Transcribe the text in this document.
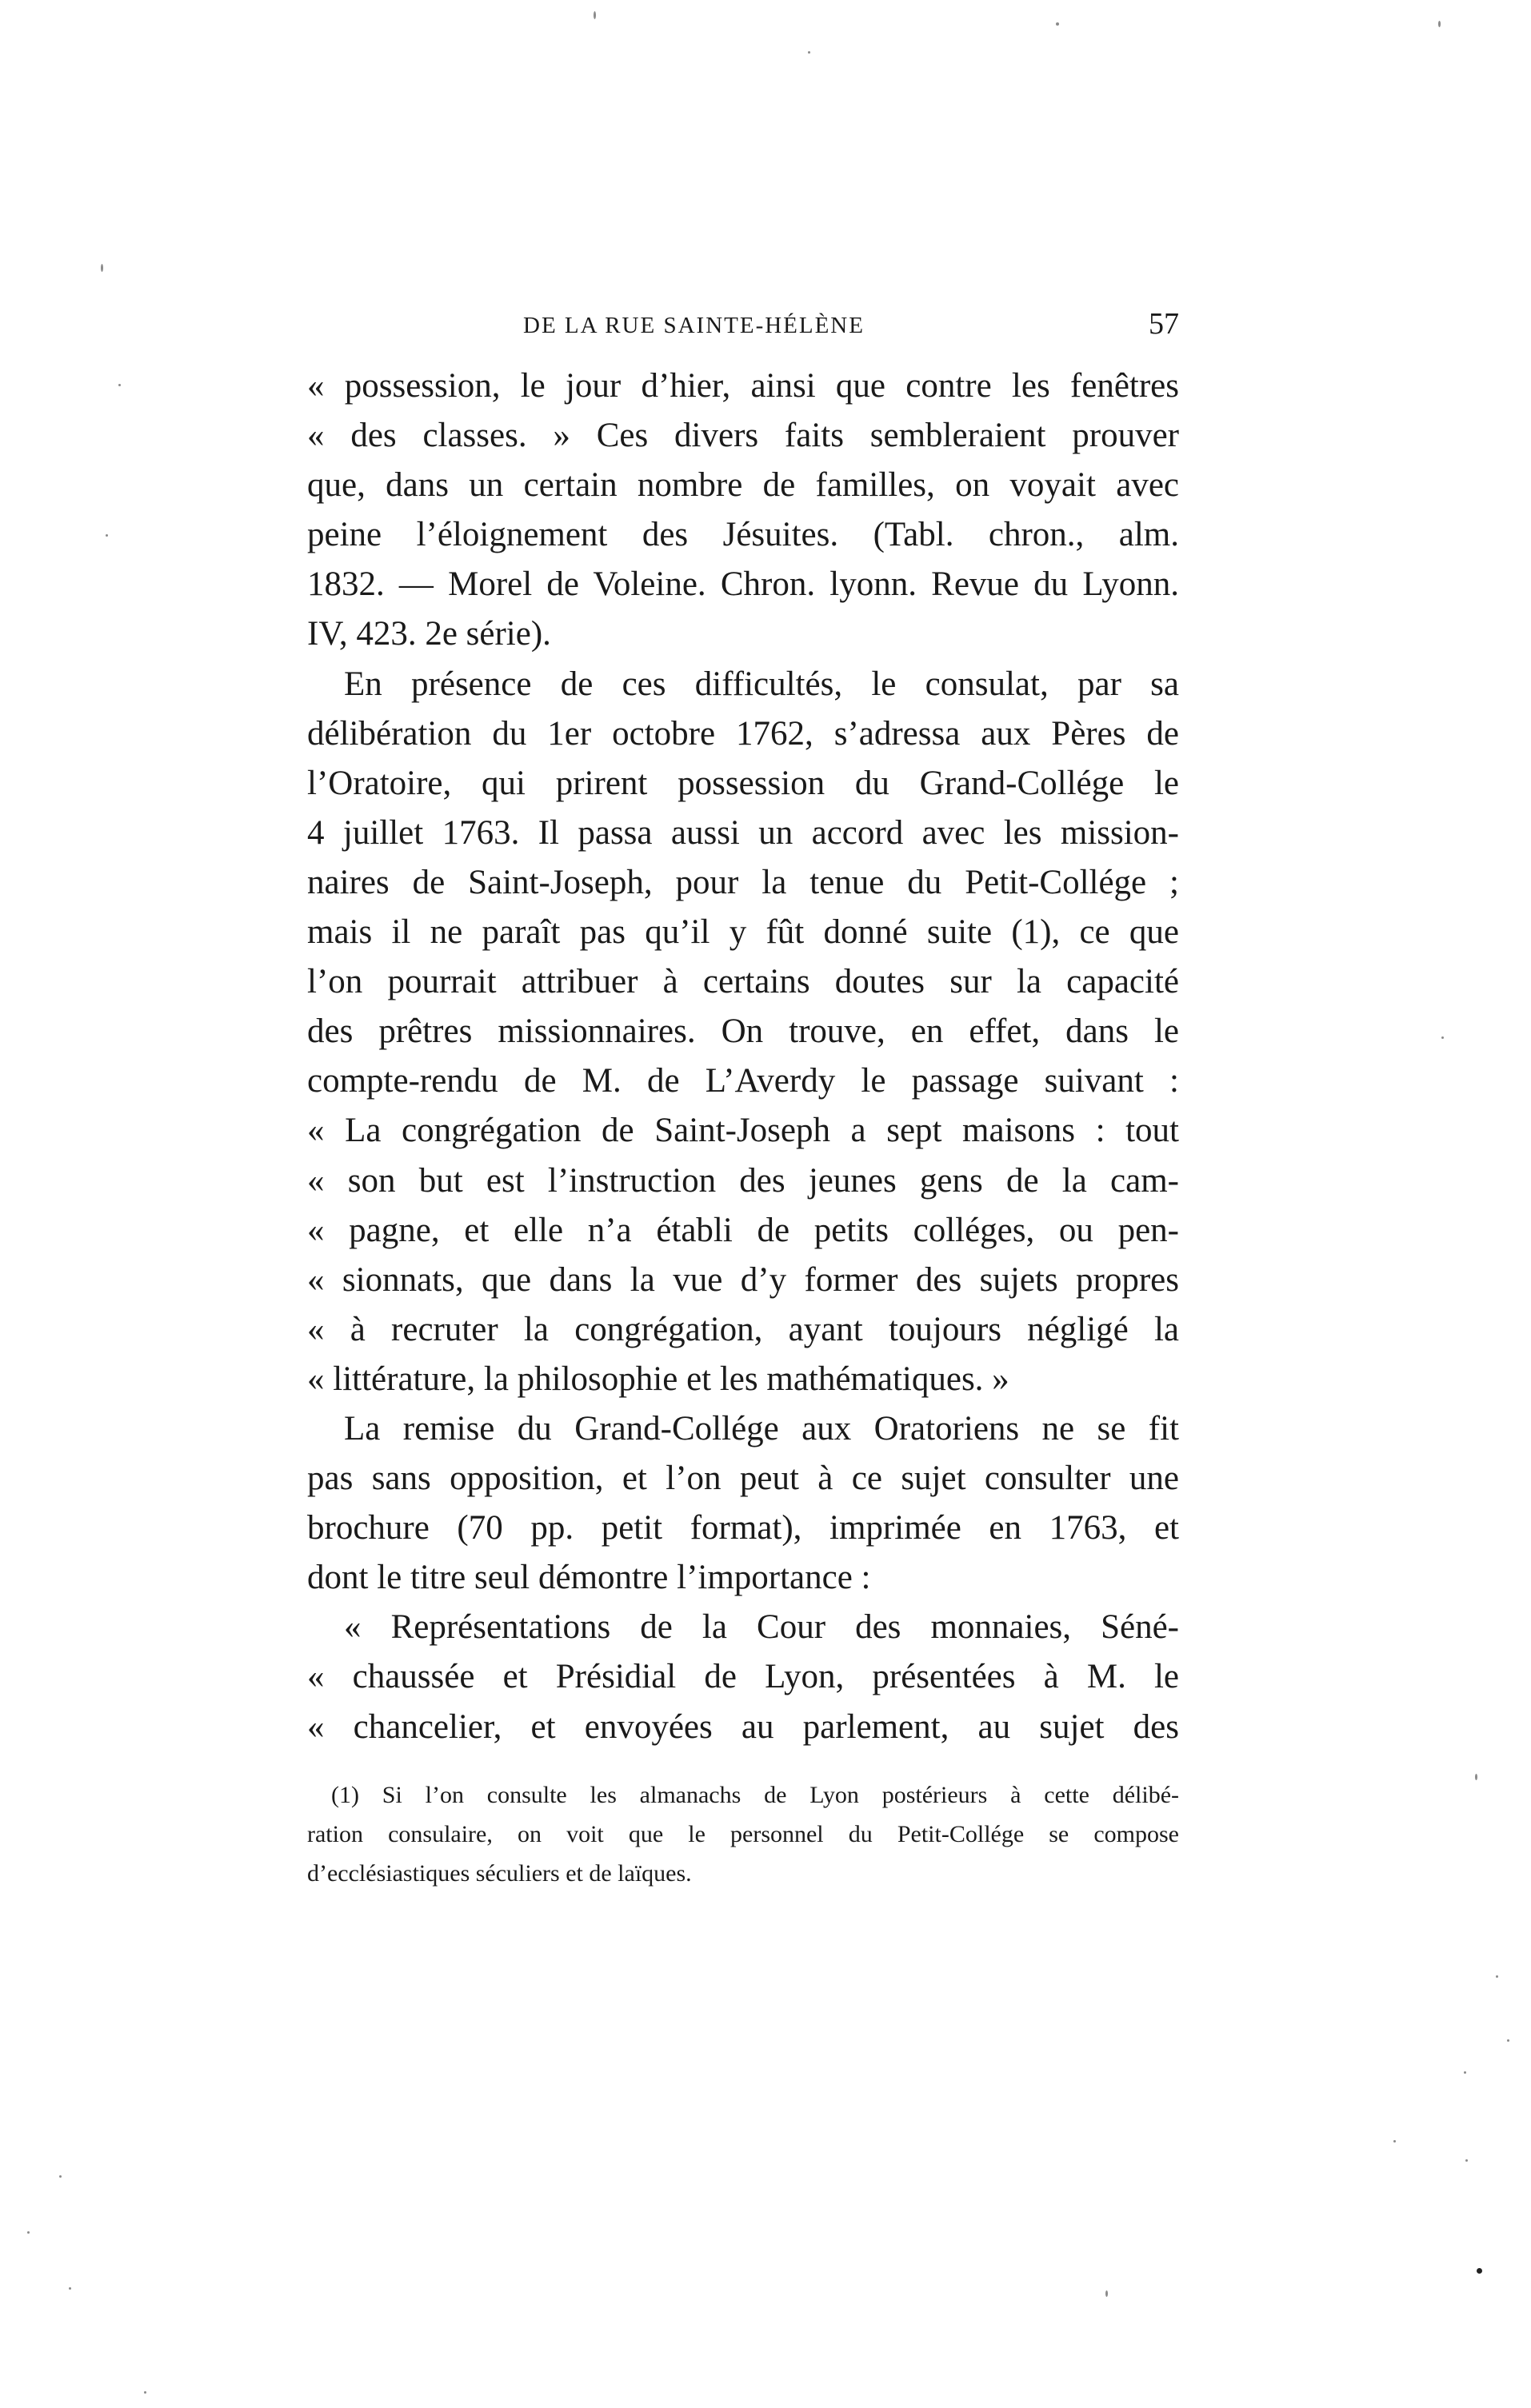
DE LA RUE SAINTE-HÉLÈNE	57
« possession, le jour d’hier, ainsi que contre les fenêtres
« des classes. » Ces divers faits sembleraient prouver
que, dans un certain nombre de familles, on voyait avec
peine l’éloignement des Jésuites. (Tabl. chron., alm.
1832. — Morel de Voleine. Chron. lyonn. Revue du Lyonn.
IV, 423. 2e série).
En présence de ces difficultés, le consulat, par sa
délibération du 1er octobre 1762, s’adressa aux Pères de
l’Oratoire, qui prirent possession du Grand-Collége le
4 juillet 1763. Il passa aussi un accord avec les mission-
naires de Saint-Joseph, pour la tenue du Petit-Collége ;
mais il ne paraît pas qu’il y fût donné suite (1), ce que
l’on pourrait attribuer à certains doutes sur la capacité
des prêtres missionnaires. On trouve, en effet, dans le
compte-rendu de M. de L’Averdy le passage suivant :
« La congrégation de Saint-Joseph a sept maisons : tout
« son but est l’instruction des jeunes gens de la cam-
« pagne, et elle n’a établi de petits colléges, ou pen-
« sionnats, que dans la vue d’y former des sujets propres
« à recruter la congrégation, ayant toujours négligé la
« littérature, la philosophie et les mathématiques. »
La remise du Grand-Collége aux Oratoriens ne se fit
pas sans opposition, et l’on peut à ce sujet consulter une
brochure (70 pp. petit format), imprimée en 1763, et
dont le titre seul démontre l’importance :
« Représentations de la Cour des monnaies, Séné-
« chaussée et Présidial de Lyon, présentées à M. le
« chancelier, et envoyées au parlement, au sujet des
(1) Si l’on consulte les almanachs de Lyon postérieurs à cette délibé-
ration consulaire, on voit que le personnel du Petit-Collége se compose
d’ecclésiastiques séculiers et de laïques.
